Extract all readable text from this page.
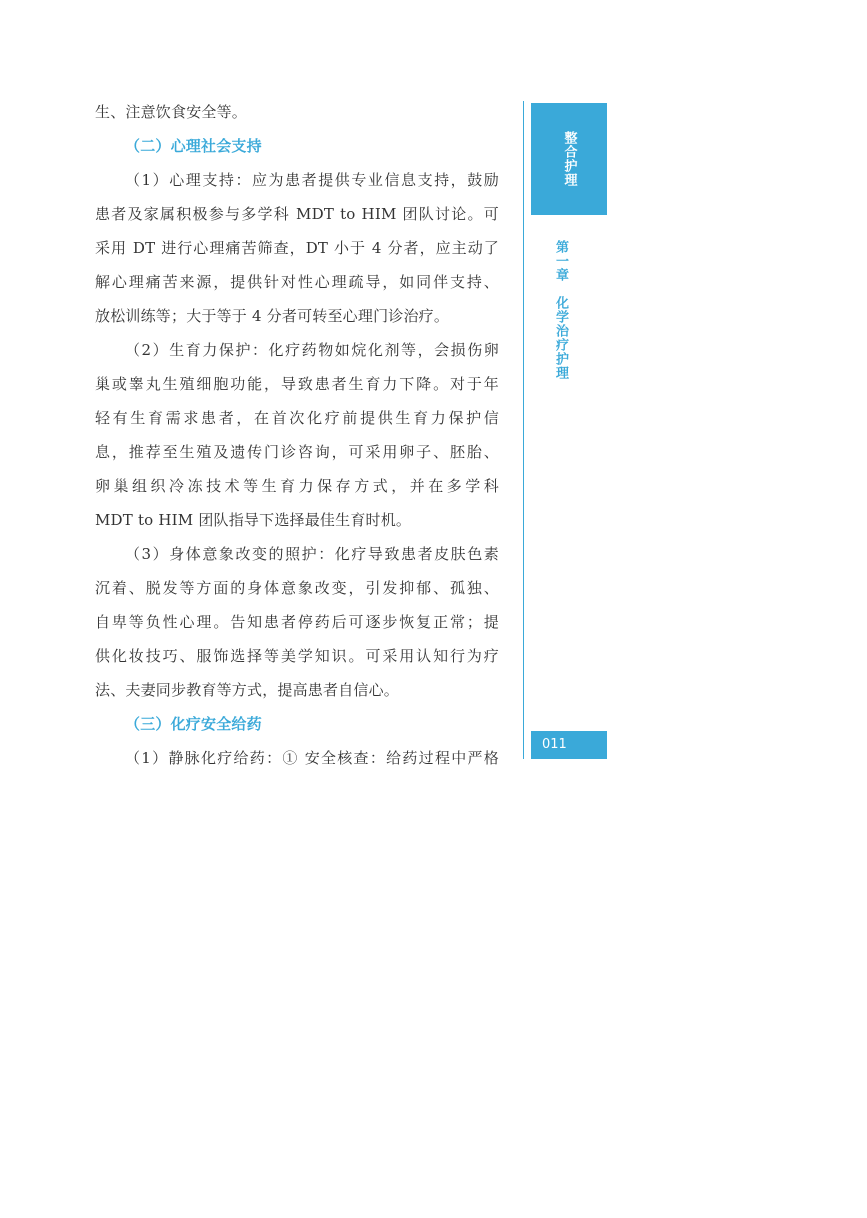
生、注意饮食安全等。
（二）心理社会支持
（1）心理支持：应为患者提供专业信息支持，鼓励
患者及家属积极参与多学科 MDT to HIM 团队讨论。可
采用 DT 进行心理痛苦筛查，DT 小于 4 分者，应主动了
解心理痛苦来源，提供针对性心理疏导，如同伴支持、
放松训练等；大于等于 4 分者可转至心理门诊治疗。
（2）生育力保护：化疗药物如烷化剂等，会损伤卵
巢或睾丸生殖细胞功能，导致患者生育力下降。对于年
轻有生育需求患者，在首次化疗前提供生育力保护信
息，推荐至生殖及遗传门诊咨询，可采用卵子、胚胎、
卵巢组织冷冻技术等生育力保存方式，并在多学科
MDT to HIM 团队指导下选择最佳生育时机。
（3）身体意象改变的照护：化疗导致患者皮肤色素
沉着、脱发等方面的身体意象改变，引发抑郁、孤独、
自卑等负性心理。告知患者停药后可逐步恢复正常；提
供化妆技巧、服饰选择等美学知识。可采用认知行为疗
法、夫妻同步教育等方式，提高患者自信心。
（三）化疗安全给药
（1）静脉化疗给药：① 安全核查：给药过程中严格
整合护理
第一章化学治疗护理
011
